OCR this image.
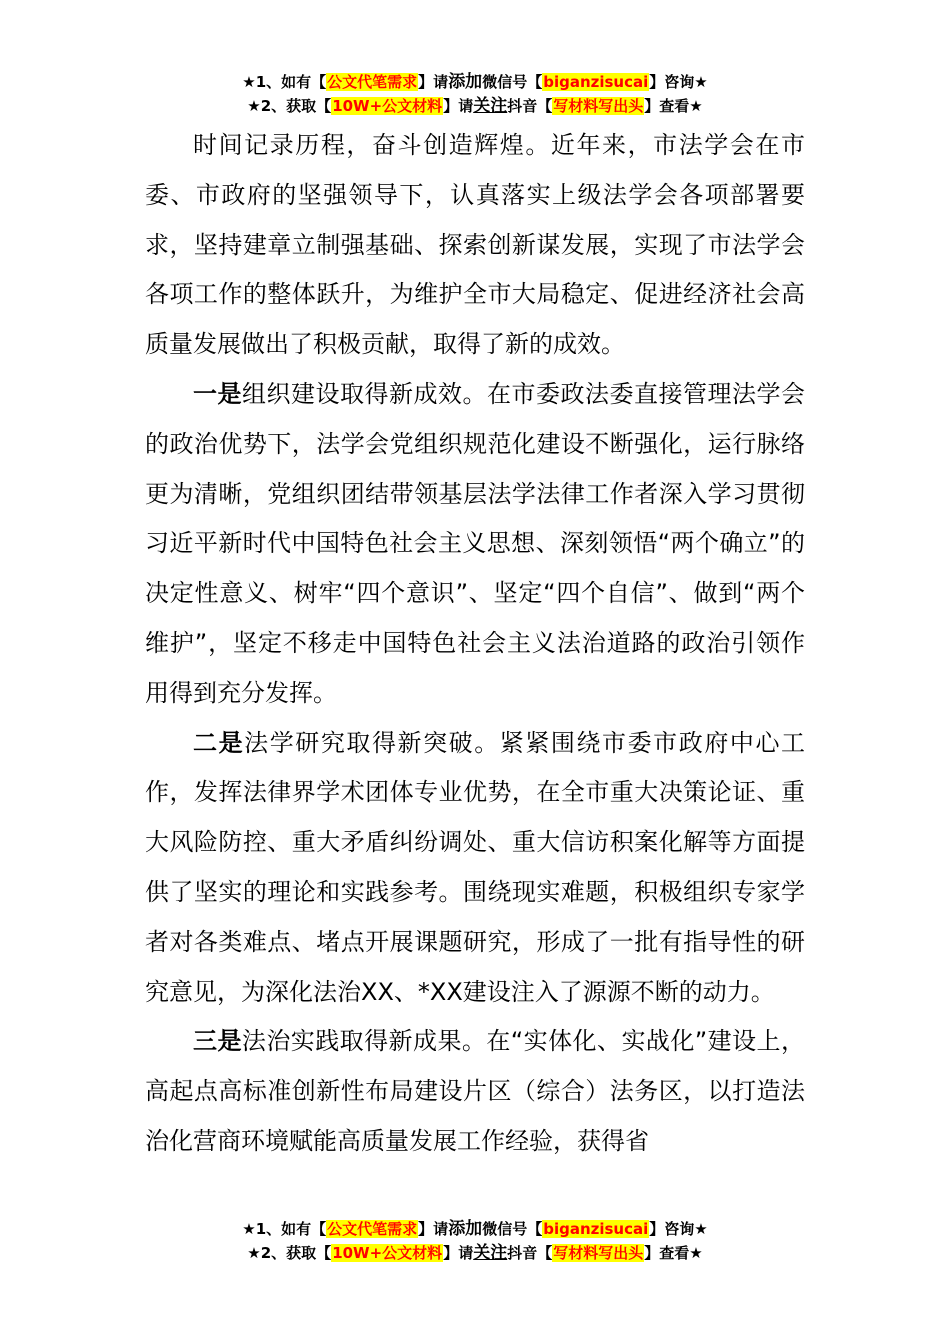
★1、如有【公文代笔需求】请添加微信号【biganzisucai】咨询★
★2、获取【10W+公文材料】请关注抖音【写材料写出头】查看★

时间记录历程，奋斗创造辉煌。近年来，市法学会在市委、市政府的坚强领导下，认真落实上级法学会各项部署要求，坚持建章立制强基础、探索创新谋发展，实现了市法学会各项工作的整体跃升，为维护全市大局稳定、促进经济社会高质量发展做出了积极贡献，取得了新的成效。

一是组织建设取得新成效。在市委政法委直接管理法学会的政治优势下，法学会党组织规范化建设不断强化，运行脉络更为清晰，党组织团结带领基层法学法律工作者深入学习贯彻习近平新时代中国特色社会主义思想、深刻领悟“两个确立”的决定性意义、树牢“四个意识”、坚定“四个自信”、做到“两个维护”，坚定不移走中国特色社会主义法治道路的政治引领作用得到充分发挥。

二是法学研究取得新突破。紧紧围绕市委市政府中心工作，发挥法律界学术团体专业优势，在全市重大决策论证、重大风险防控、重大矛盾纠纷调处、重大信访积案化解等方面提供了坚实的理论和实践参考。围绕现实难题，积极组织专家学者对各类难点、堵点开展课题研究，形成了一批有指导性的研究意见，为深化法治XX、*XX建设注入了源源不断的动力。

三是法治实践取得新成果。在“实体化、实战化”建设上，高起点高标准创新性布局建设片区（综合）法务区，以打造法治化营商环境赋能高质量发展工作经验，获得省

★1、如有【公文代笔需求】请添加微信号【biganzisucai】咨询★
★2、获取【10W+公文材料】请关注抖音【写材料写出头】查看★
